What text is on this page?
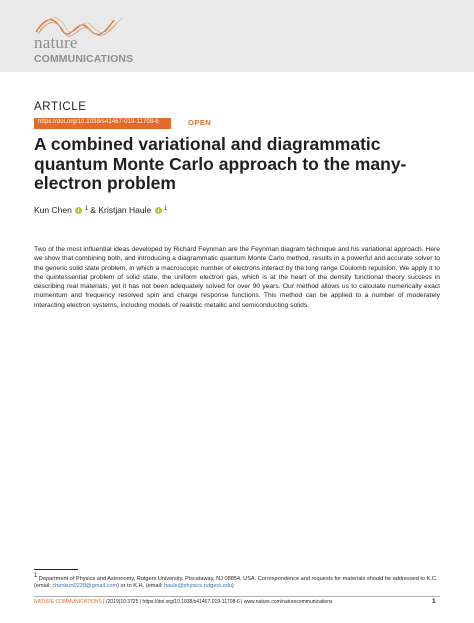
nature
COMMUNICATIONS
ARTICLE
https://doi.org/10.1038/s41467-019-11708-6	OPEN
A combined variational and diagrammatic quantum Monte Carlo approach to the many-electron problem
Kun Chen $^1$ & Kristjan Haule $^1$

Two of the most influential ideas developed by Richard Feynman are the Feynman diagram technique and his variational approach. Here we show that combining both, and introducing a diagrammatic quantum Monte Carlo method, results in a powerful and accurate solver to the generic solid state problem, in which a macroscopic number of electrons interact by the long range Coulomb repulsion. We apply it to the quintessential problem of solid state, the uniform electron gas, which is at the heart of the density functional theory success in describing real materials, yet it has not been adequately solved for over 90 years. Our method allows us to calculate numerically exact momentum and frequency resolved spin and charge response functions. This method can be applied to a number of moderately interacting electron systems, including models of realistic metallic and semiconducting solids.

1 Department of Physics and Astronomy, Rutgers University, Piscataway, NJ 08854, USA. Correspondence and requests for materials should be addressed to K.C. (email: chenkun0228@gmail.com) or to K.H. (email: haule@physics.rutgers.edu)
NATURE COMMUNICATIONS | (2019)10:3725 | https://doi.org/10.1038/s41467-019-11708-6 | www.nature.com/naturecommunications	1
